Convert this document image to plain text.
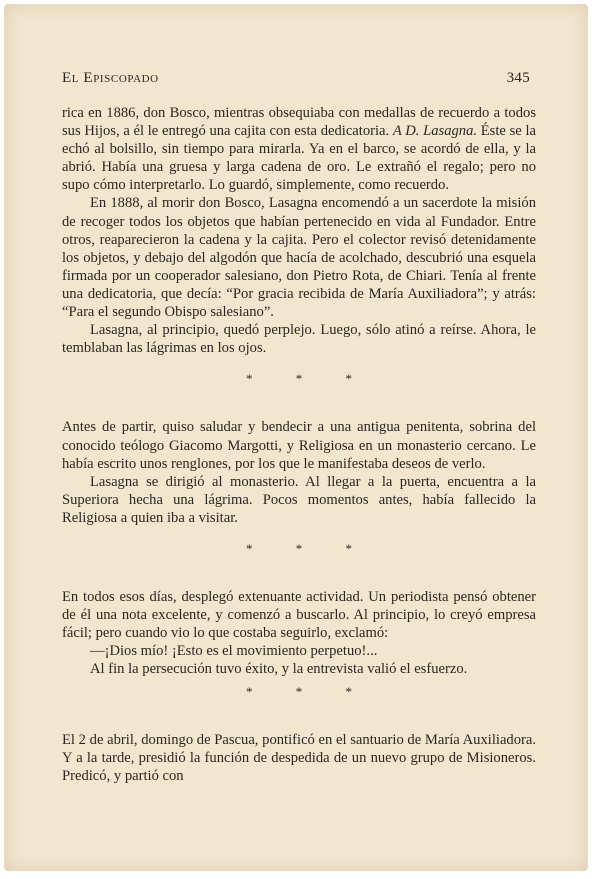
El Episcopado	345

rica en 1886, don Bosco, mientras obsequiaba con medallas de recuerdo a todos sus Hijos, a él le entregó una cajita con esta dedicatoria. A D. Lasagna. Éste se la echó al bolsillo, sin tiempo para mirarla. Ya en el barco, se acordó de ella, y la abrió. Había una gruesa y larga cadena de oro. Le extrañó el regalo; pero no supo cómo interpretarlo. Lo guardó, simplemente, como recuerdo.

En 1888, al morir don Bosco, Lasagna encomendó a un sacerdote la misión de recoger todos los objetos que habían pertenecido en vida al Fundador. Entre otros, reaparecieron la cadena y la cajita. Pero el colector revisó detenidamente los objetos, y debajo del algodón que hacía de acolchado, descubrió una esquela firmada por un cooperador salesiano, don Pietro Rota, de Chiari. Tenía al frente una dedicatoria, que decía: “Por gracia recibida de María Auxiliadora”; y atrás: “Para el segundo Obispo salesiano”.

Lasagna, al principio, quedó perplejo. Luego, sólo atinó a reírse. Ahora, le temblaban las lágrimas en los ojos.

* * *

Antes de partir, quiso saludar y bendecir a una antigua penitenta, sobrina del conocido teólogo Giacomo Margotti, y Religiosa en un monasterio cercano. Le había escrito unos renglones, por los que le manifestaba deseos de verlo.

Lasagna se dirigió al monasterio. Al llegar a la puerta, encuentra a la Superiora hecha una lágrima. Pocos momentos antes, había fallecido la Religiosa a quien iba a visitar.

* * *

En todos esos días, desplegó extenuante actividad. Un periodista pensó obtener de él una nota excelente, y comenzó a buscarlo. Al principio, lo creyó empresa fácil; pero cuando vio lo que costaba seguirlo, exclamó:

—¡Dios mío! ¡Esto es el movimiento perpetuo!...

Al fin la persecución tuvo éxito, y la entrevista valió el esfuerzo.

* * *

El 2 de abril, domingo de Pascua, pontificó en el santuario de María Auxiliadora. Y a la tarde, presidió la función de despedida de un nuevo grupo de Misioneros. Predicó, y partió con
